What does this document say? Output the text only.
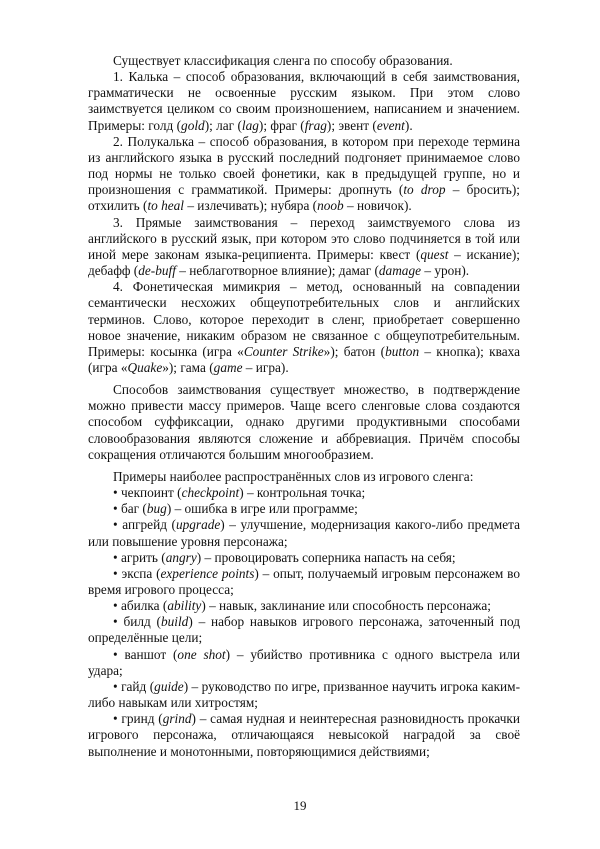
Существует классификация сленга по способу образования.

1. Калька – способ образования, включающий в себя заимствования, грамматически не освоенные русским языком. При этом слово заимствуется целиком со своим произношением, написанием и значением. Примеры: голд (gold); лаг (lag); фраг (frag); эвент (event).

2. Полукалька – способ образования, в котором при переходе термина из английского языка в русский последний подгоняет принимаемое слово под нормы не только своей фонетики, как в предыдущей группе, но и произношения с грамматикой. Примеры: дропнуть (to drop – бросить); отхилить (to heal – излечивать); нубяра (noob – новичок).

3. Прямые заимствования – переход заимствуемого слова из английского в русский язык, при котором это слово подчиняется в той или иной мере законам языка-реципиента. Примеры: квест (quest – искание); дебафф (de-buff – неблаготворное влияние); дамаг (damage – урон).

4. Фонетическая мимикрия – метод, основанный на совпадении семантически несхожих общеупотребительных слов и английских терминов. Слово, которое переходит в сленг, приобретает совершенно новое значение, никаким образом не связанное с общеупотребительным. Примеры: косынка (игра «Counter Strike»); батон (button – кнопка); кваха (игра «Quake»); гама (game – игра).

Способов заимствования существует множество, в подтверждение можно привести массу примеров. Чаще всего сленговые слова создаются способом суффиксации, однако другими продуктивными способами словообразования являются сложение и аббревиация. Причём способы сокращения отличаются большим многообразием.

Примеры наиболее распространённых слов из игрового сленга:

• чекпоинт (checkpoint) – контрольная точка;

• баг (bug) – ошибка в игре или программе;

• апгрейд (upgrade) – улучшение, модернизация какого-либо предмета или повышение уровня персонажа;

• агрить (angry) – провоцировать соперника напасть на себя;

• экспа (experience points) – опыт, получаемый игровым персонажем во время игрового процесса;

• абилка (ability) – навык, заклинание или способность персонажа;

• билд (build) – набор навыков игрового персонажа, заточенный под определённые цели;

• ваншот (one shot) – убийство противника с одного выстрела или удара;

• гайд (guide) – руководство по игре, призванное научить игрока каким-либо навыкам или хитростям;

• гринд (grind) – самая нудная и неинтересная разновидность прокачки игрового персонажа, отличающаяся невысокой наградой за своё выполнение и монотонными, повторяющимися действиями;

19
